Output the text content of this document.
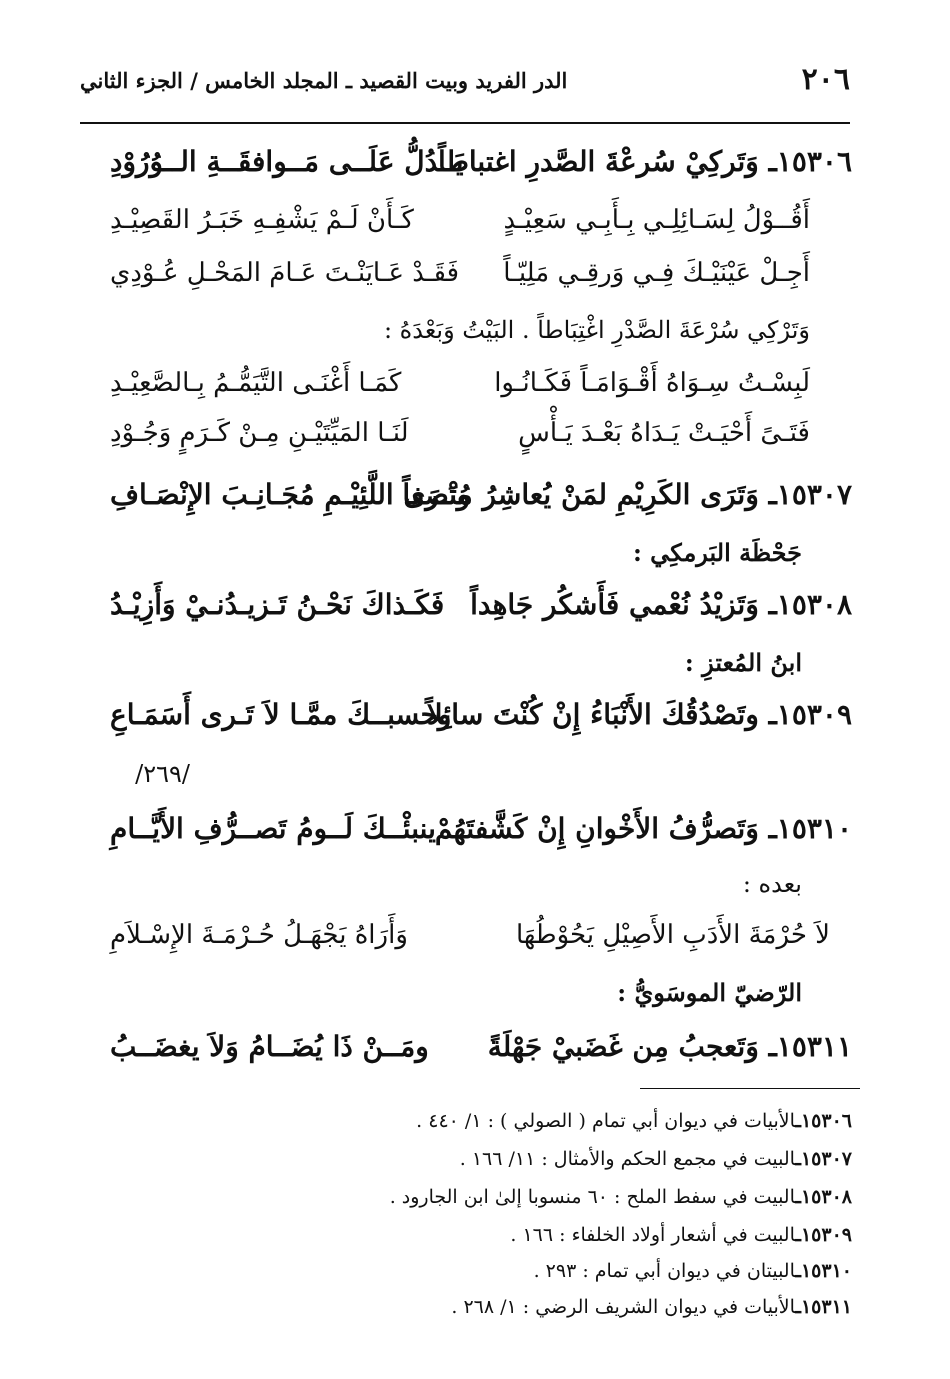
٢٠٦
الدر الفريد وبيت القصيد ـ المجلد الخامس / الجزء الثاني
١٥٣٠٦ـ وَتَركِيْ سُرعْةَ الصَّدرِ اغتباطاً
يَــدُلُّ عَلَــى مَــوافقَــةِ الــوُرُوْدِ
أَقُــوْلُ لِسَـائِلِـي بِـأَبِـي سَعِيْـدٍ
كَـأَنْ لَـمْ يَشْفِـهِ خَبَـرُ القَصِيْـدِ
أَجِـلْ عَيْنَيْـكَ فِـي وَرقِـي مَلِيّـاً
فَقَـدْ عَـايَنْـتَ عَـامَ المَحْـلِ عُـوْدِي
وَتَرْكِي سُرْعَةَ الصَّدْرِ اغْتِبَاطاً . البَيْتُ وَبَعْدَهُ :
لَبِسْـتُ سِـوَاهُ أَقْـوَامَـاً فَكَـانُـوا
كَمَـا أَغْنَـى التَّيَمُّـمُ بِـالصَّعِيْـدِ
فَتَـىً أَحْيَـتْ يَـدَاهُ بَعْـدَ يَـأْسٍ
لَنَـا المَيِّتَيْـنِ مِـنْ كَـرَمٍ وَجُـوْدِ
١٥٣٠٧ـ وَتَرَى الكَرِيْمِ لمَنْ يُعاشِرُ مُنْصفاً
وتَـرَى اللَّئِيْـمِ مُجَـانِـبَ الإِنْصَـافِ
جَحْظَة البَرمكِي :
١٥٣٠٨ـ وَتَزيْدُ نُعْمي فَأَشكُر جَاهِداً
فَكَـذاكَ نَحْـنُ تَـزيـدُنـيْ وَأَزِيْـدُ
ابنُ المُعتزِ :
١٥٣٠٩ـ وتَصْدُقُكَ الأَنْبَاءُ إِنْ كُنْتَ سائِلاً
وحسبــكَ ممَّـا لاَ تَـرى أَسَمَـاعِ
/٢٦٩/
١٥٣١٠ـ وَتَصرُّفُ الأَخْوانِ إِنْ كَشَّفتَهُمْ
ينبئْــكَ لَــومُ تَصــرُّفِ الأَيَّــامِ
بعده :
لاَ حُرْمَةَ الأَدَبِ الأَصِيْلِ يَحُوْطُهَا
وَأَرَاهُ يَجْهَـلُ حُـرْمَـةَ الإِسْـلاَمِ
الرّضيّ الموسَويُّ :
١٥٣١١ـ وَتَعجبُ مِن غَضَبيْ جَهْلَةً
ومَــنْ ذَا يُضَــامُ وَلاَ يغضَــبُ
١٥٣٠٦ـالأبيات في ديوان أبي تمام ( الصولي ) : ١/ ٤٤٠ .
١٥٣٠٧ـالبيت في مجمع الحكم والأمثال : ١١/ ١٦٦ .
١٥٣٠٨ـالبيت في سفط الملح : ٦٠ منسوبا إلىٰ ابن الجارود .
١٥٣٠٩ـالبيت في أشعار أولاد الخلفاء : ١٦٦ .
١٥٣١٠ـالبيتان في ديوان أبي تمام : ٢٩٣ .
١٥٣١١ـالأبيات في ديوان الشريف الرضي : ١/ ٢٦٨ .
